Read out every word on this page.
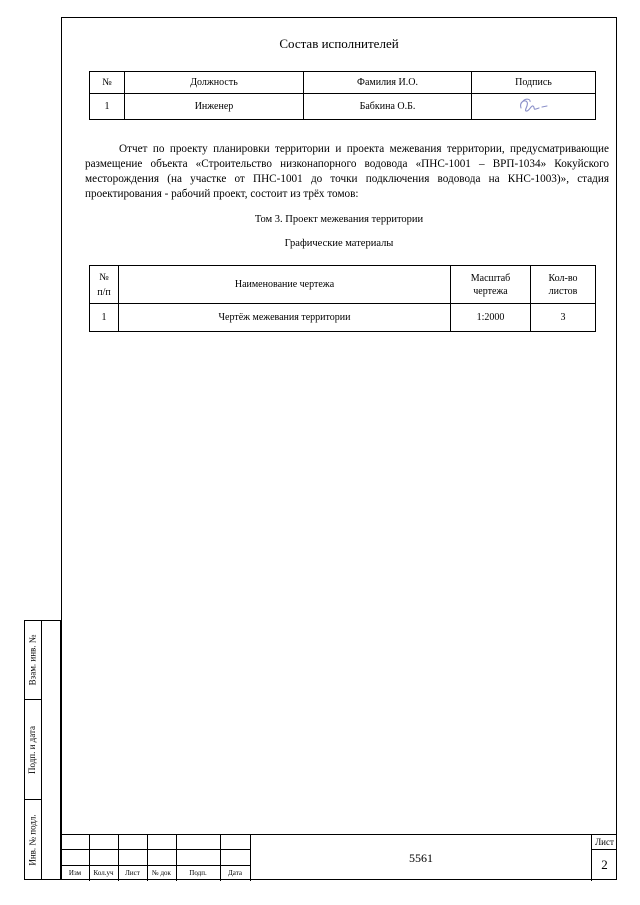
Взам. инв. №
Подп. и дата
Инв. № подл.
Состав исполнителей
№	Должность	Фамилия И.О.	Подпись
1	Инженер	Бабкина О.Б.	

Отчет по проекту планировки территории и проекта межевания территории, предусматривающие размещение объекта «Строительство низконапорного водовода «ПНС-1001 – ВРП-1034» Кокуйского месторождения (на участке от ПНС-1001 до точки подключения водовода на КНС-1003)», стадия проектирования - рабочий проект, состоит из трёх томов:

Том 3. Проект межевания территории
Графические материалы
№ п/п	Наименование чертежа	Масштаб чертежа	Кол-во листов
1	Чертёж межевания территории	1:2000	3
Изм	Кол.уч	Лист	№ док	Подп.	Дата
5561
Лист
2
